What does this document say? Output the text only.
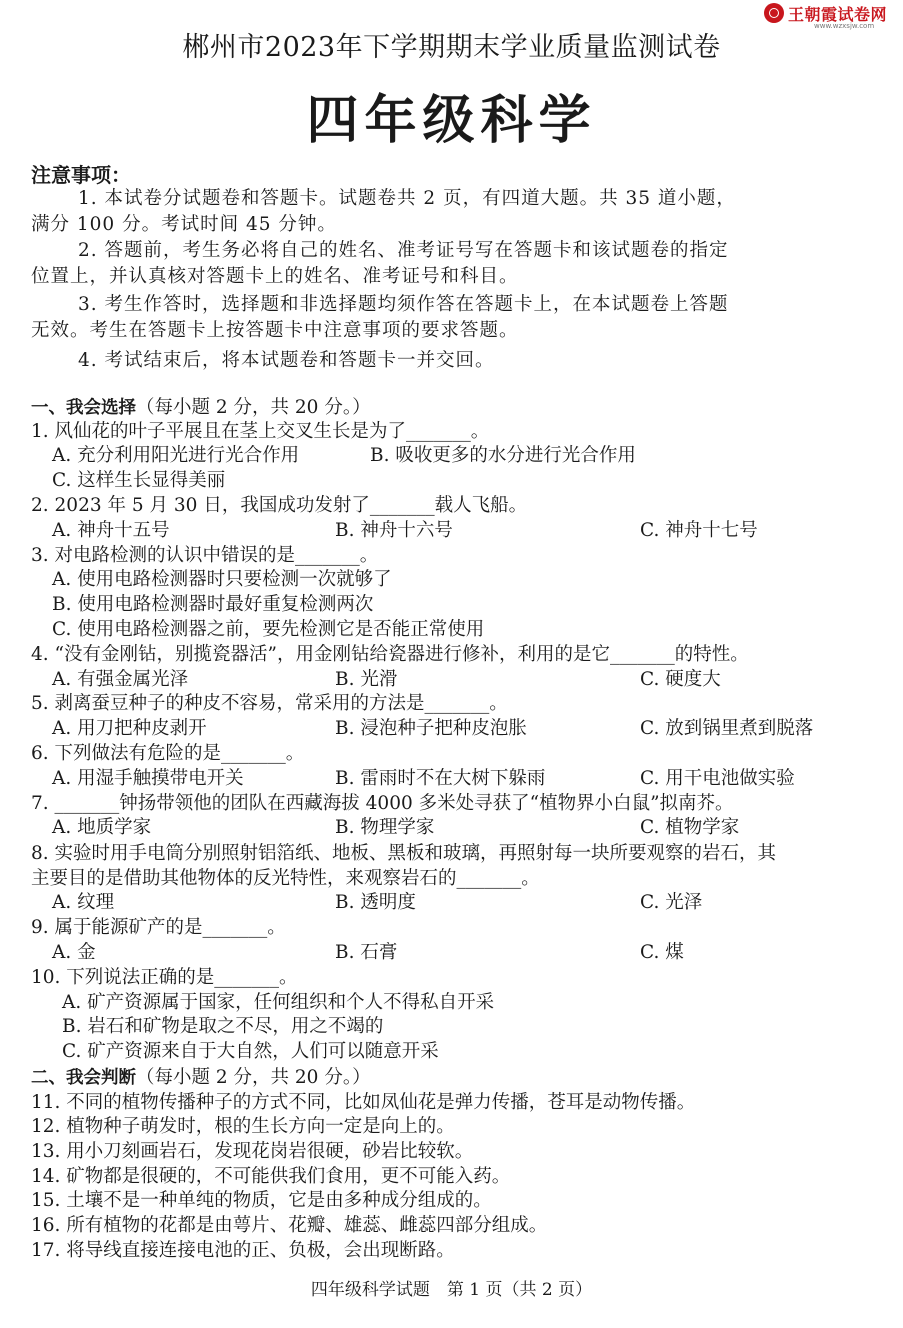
王朝霞试卷网
www.wzxsjw.com
郴州市2023年下学期期末学业质量监测试卷
四年级科学
注意事项：
1. 本试卷分试题卷和答题卡。试题卷共 2 页，有四道大题。共 35 道小题，
满分 100 分。考试时间 45 分钟。
2. 答题前，考生务必将自己的姓名、准考证号写在答题卡和该试题卷的指定
位置上，并认真核对答题卡上的姓名、准考证号和科目。
3. 考生作答时，选择题和非选择题均须作答在答题卡上，在本试题卷上答题
无效。考生在答题卡上按答题卡中注意事项的要求答题。
4. 考试结束后，将本试题卷和答题卡一并交回。
一、我会选择（每小题 2 分，共 20 分。）
1. 风仙花的叶子平展且在茎上交叉生长是为了_______。
A. 充分利用阳光进行光合作用	B. 吸收更多的水分进行光合作用
C. 这样生长显得美丽
2. 2023 年 5 月 30 日，我国成功发射了_______载人飞船。
A. 神舟十五号	B. 神舟十六号	C. 神舟十七号
3. 对电路检测的认识中错误的是_______。
A. 使用电路检测器时只要检测一次就够了
B. 使用电路检测器时最好重复检测两次
C. 使用电路检测器之前，要先检测它是否能正常使用
4. “没有金刚钻，别揽瓷器活”，用金刚钻给瓷器进行修补，利用的是它_______的特性。
A. 有强金属光泽	B. 光滑	C. 硬度大
5. 剥离蚕豆种子的种皮不容易，常采用的方法是_______。
A. 用刀把种皮剥开	B. 浸泡种子把种皮泡胀	C. 放到锅里煮到脱落
6. 下列做法有危险的是_______。
A. 用湿手触摸带电开关	B. 雷雨时不在大树下躲雨	C. 用干电池做实验
7. _______钟扬带领他的团队在西藏海拔 4000 多米处寻获了“植物界小白鼠”拟南芥。
A. 地质学家	B. 物理学家	C. 植物学家
8. 实验时用手电筒分别照射铝箔纸、地板、黑板和玻璃，再照射每一块所要观察的岩石，其
主要目的是借助其他物体的反光特性，来观察岩石的_______。
A. 纹理	B. 透明度	C. 光泽
9. 属于能源矿产的是_______。
A. 金	B. 石膏	C. 煤
10. 下列说法正确的是_______。
A. 矿产资源属于国家，任何组织和个人不得私自开采
B. 岩石和矿物是取之不尽，用之不竭的
C. 矿产资源来自于大自然，人们可以随意开采
二、我会判断（每小题 2 分，共 20 分。）
11. 不同的植物传播种子的方式不同，比如凤仙花是弹力传播，苍耳是动物传播。
12. 植物种子萌发时，根的生长方向一定是向上的。
13. 用小刀刻画岩石，发现花岗岩很硬，砂岩比较软。
14. 矿物都是很硬的，不可能供我们食用，更不可能入药。
15. 土壤不是一种单纯的物质，它是由多种成分组成的。
16. 所有植物的花都是由萼片、花瓣、雄蕊、雌蕊四部分组成。
17. 将导线直接连接电池的正、负极，会出现断路。
四年级科学试题　第 1 页（共 2 页）
